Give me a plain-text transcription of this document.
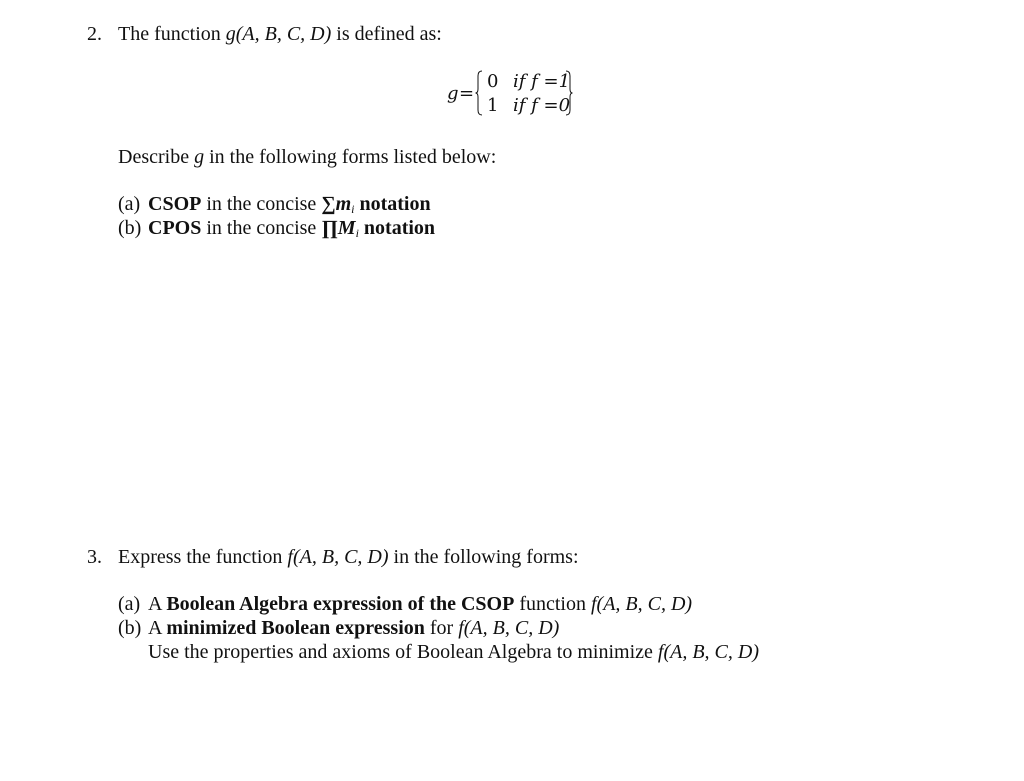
2. The function g(A, B, C, D) is defined as:
g =
0 if f =1
1 if f =0
Describe g in the following forms listed below:
(a) CSOP in the concise $\sum m_i$ notation
(b) CPOS in the concise $\prod M_i$ notation
3. Express the function f(A, B, C, D) in the following forms:
(a) A Boolean Algebra expression of the CSOP function f(A, B, C, D)
(b) A minimized Boolean expression for f(A, B, C, D)
Use the properties and axioms of Boolean Algebra to minimize f(A, B, C, D)
